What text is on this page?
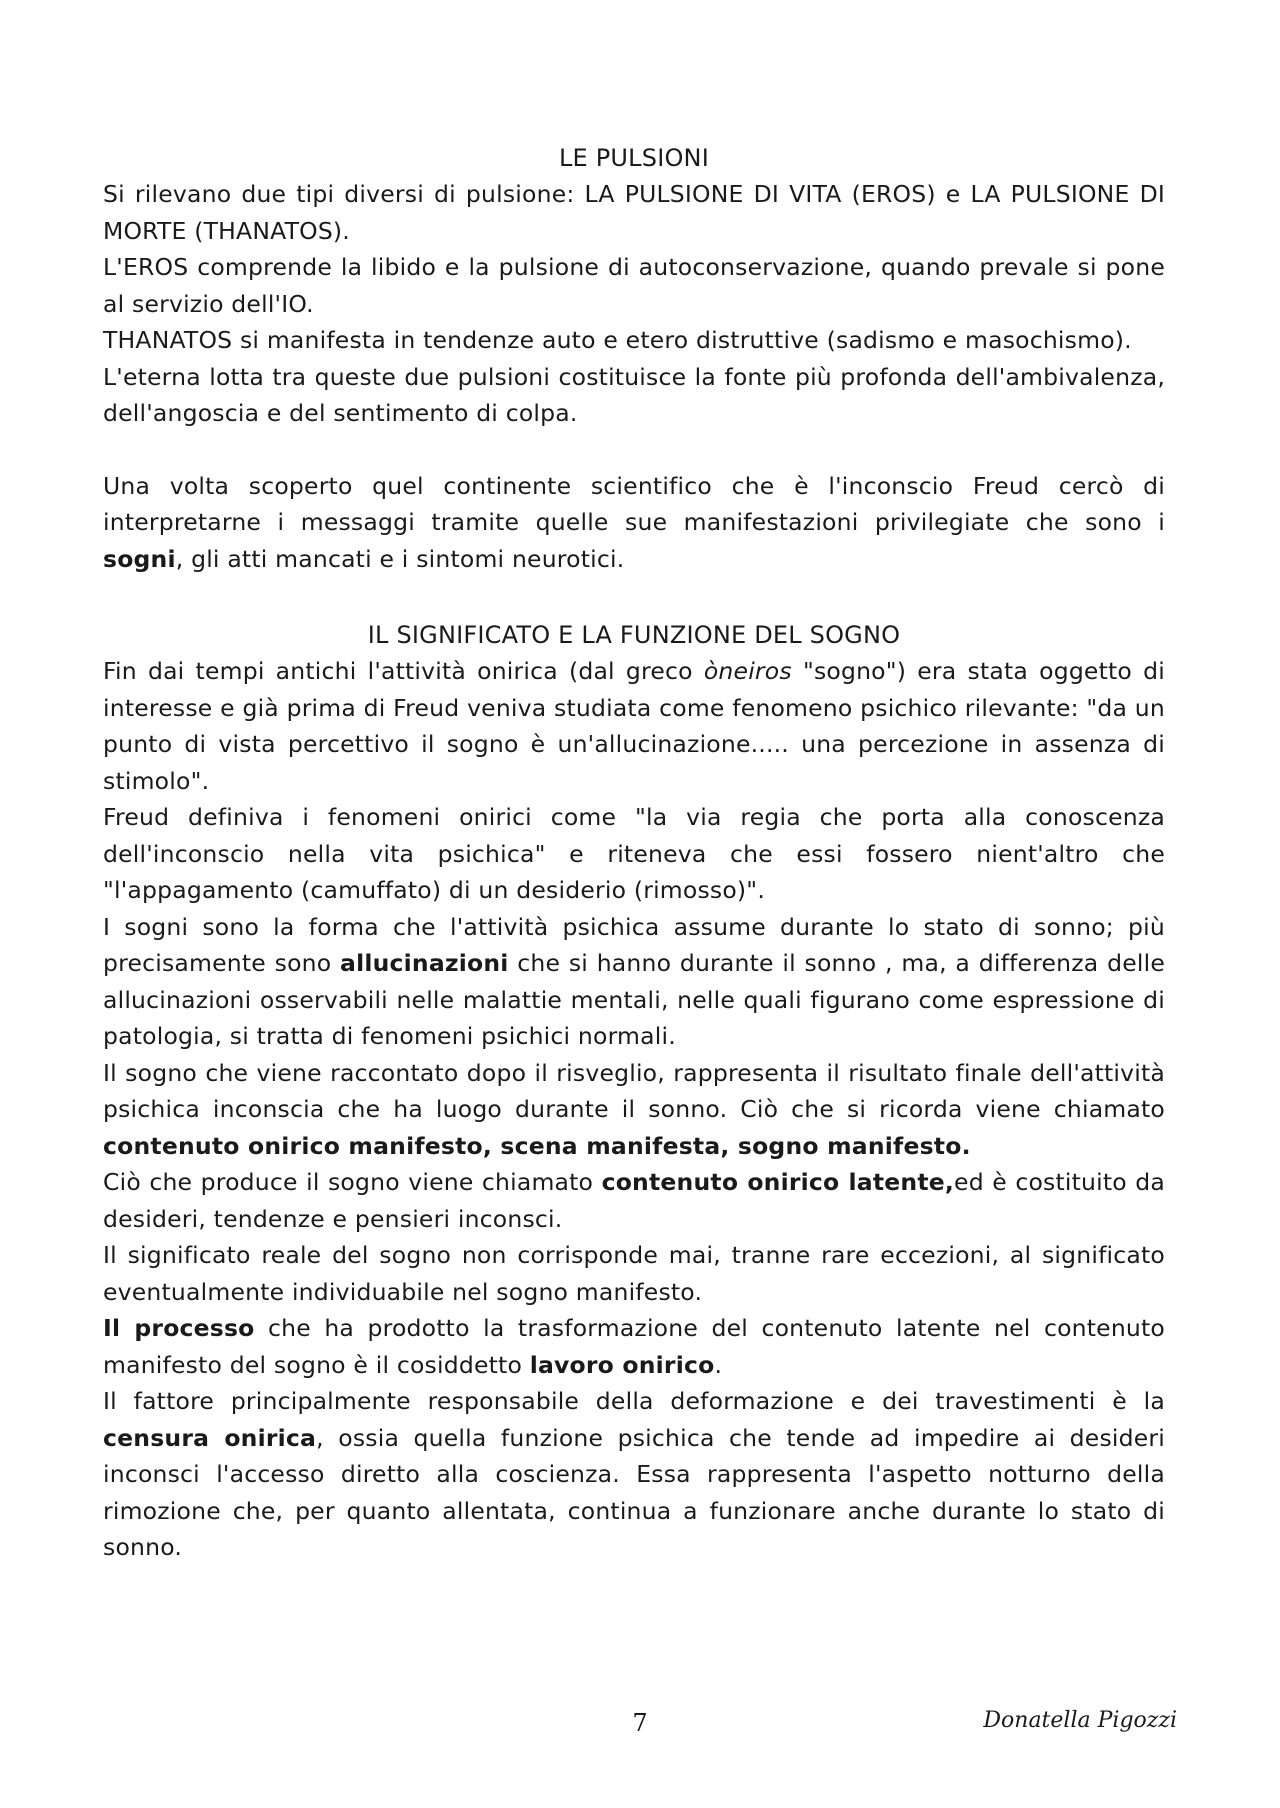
LE PULSIONI

Si rilevano due tipi diversi di pulsione: LA PULSIONE DI VITA (EROS) e LA PULSIONE DI MORTE (THANATOS).

L'EROS comprende la libido e la pulsione di autoconservazione, quando prevale si pone al servizio dell'IO.

THANATOS si manifesta in tendenze auto e etero distruttive (sadismo e masochismo).

L'eterna lotta tra queste due pulsioni costituisce la fonte più profonda dell'ambivalenza, dell'angoscia e del sentimento di colpa.

Una volta scoperto quel continente scientifico che è l'inconscio Freud cercò di interpretarne i messaggi tramite quelle sue manifestazioni privilegiate che sono i sogni, gli atti mancati e i sintomi neurotici.

IL SIGNIFICATO E LA FUNZIONE DEL SOGNO

Fin dai tempi antichi l'attività onirica (dal greco òneiros "sogno") era stata oggetto di interesse e già prima di Freud veniva studiata come fenomeno psichico rilevante: "da un punto di vista percettivo il sogno è un'allucinazione..... una percezione in assenza di stimolo".

Freud definiva i fenomeni onirici come "la via regia che porta alla conoscenza dell'inconscio nella vita psichica" e riteneva che essi fossero nient'altro che "l'appagamento (camuffato) di un desiderio (rimosso)".

I sogni sono la forma che l'attività psichica assume durante lo stato di sonno; più precisamente sono allucinazioni che si hanno durante il sonno , ma, a differenza delle allucinazioni osservabili nelle malattie mentali, nelle quali figurano come espressione di patologia, si tratta di fenomeni psichici normali.

Il sogno che viene raccontato dopo il risveglio, rappresenta il risultato finale dell'attività psichica inconscia che ha luogo durante il sonno. Ciò che si ricorda viene chiamato contenuto onirico manifesto, scena manifesta, sogno manifesto.

Ciò che produce il sogno viene chiamato contenuto onirico latente,ed è costituito da desideri, tendenze e pensieri inconsci.

Il significato reale del sogno non corrisponde mai, tranne rare eccezioni, al significato eventualmente individuabile nel sogno manifesto.

Il processo che ha prodotto la trasformazione del contenuto latente nel contenuto manifesto del sogno è il cosiddetto lavoro onirico.

Il fattore principalmente responsabile della deformazione e dei travestimenti è la censura onirica, ossia quella funzione psichica che tende ad impedire ai desideri inconsci l'accesso diretto alla coscienza. Essa rappresenta l'aspetto notturno della rimozione che, per quanto allentata, continua a funzionare anche durante lo stato di sonno.

7	Donatella Pigozzi
